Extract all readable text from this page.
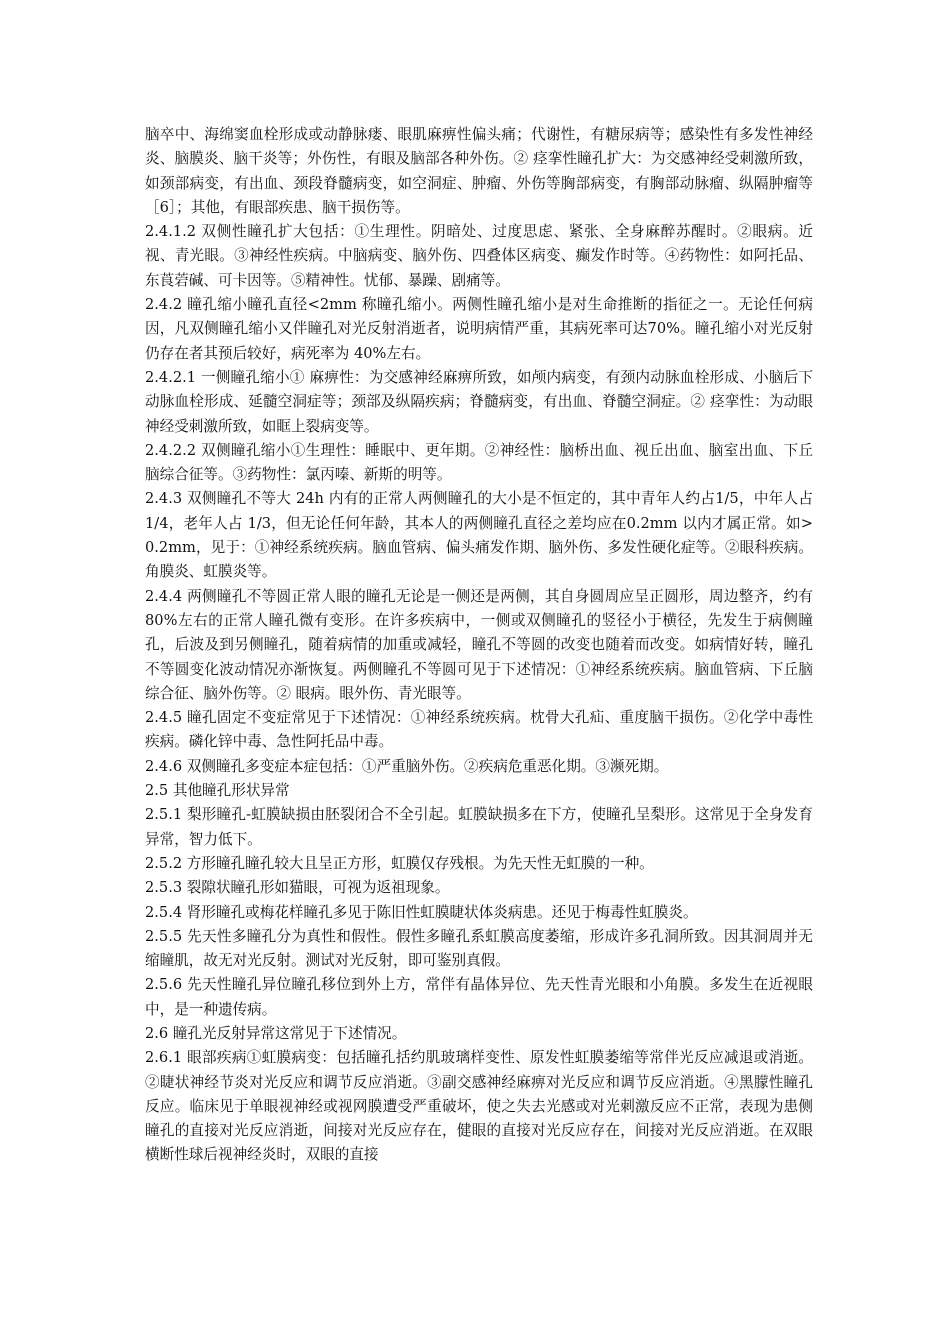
脑卒中、海绵窦血栓形成或动静脉瘘、眼肌麻痹性偏头痛；代谢性，有糖尿病等；感染性有多发性神经炎、脑膜炎、脑干炎等；外伤性，有眼及脑部各种外伤。② 痉挛性瞳孔扩大：为交感神经受刺激所致，如颈部病变，有出血、颈段脊髓病变，如空洞症、肿瘤、外伤等胸部病变，有胸部动脉瘤、纵隔肿瘤等［6］；其他，有眼部疾患、脑干损伤等。

2.4.1.2 双侧性瞳孔扩大包括：①生理性。阴暗处、过度思虑、紧张、全身麻醉苏醒时。②眼病。近视、青光眼。③神经性疾病。中脑病变、脑外伤、四叠体区病变、癫发作时等。④药物性：如阿托品、东莨菪碱、可卡因等。⑤精神性。忧郁、暴躁、剧痛等。

2.4.2 瞳孔缩小瞳孔直径<2mm 称瞳孔缩小。两侧性瞳孔缩小是对生命推断的指征之一。无论任何病因，凡双侧瞳孔缩小又伴瞳孔对光反射消逝者，说明病情严重，其病死率可达70%。瞳孔缩小对光反射仍存在者其预后较好，病死率为 40%左右。

2.4.2.1 一侧瞳孔缩小① 麻痹性：为交感神经麻痹所致，如颅内病变，有颈内动脉血栓形成、小脑后下动脉血栓形成、延髓空洞症等；颈部及纵隔疾病；脊髓病变，有出血、脊髓空洞症。② 痉挛性：为动眼神经受刺激所致，如眶上裂病变等。

2.4.2.2 双侧瞳孔缩小①生理性：睡眠中、更年期。②神经性：脑桥出血、视丘出血、脑室出血、下丘脑综合征等。③药物性：氯丙嗪、新斯的明等。

2.4.3 双侧瞳孔不等大 24h 内有的正常人两侧瞳孔的大小是不恒定的，其中青年人约占1/5，中年人占 1/4，老年人占 1/3，但无论任何年龄，其本人的两侧瞳孔直径之差均应在0.2mm 以内才属正常。如>0.2mm，见于：①神经系统疾病。脑血管病、偏头痛发作期、脑外伤、多发性硬化症等。②眼科疾病。角膜炎、虹膜炎等。

2.4.4 两侧瞳孔不等圆正常人眼的瞳孔无论是一侧还是两侧，其自身圆周应呈正圆形，周边整齐，约有 80%左右的正常人瞳孔微有变形。在许多疾病中，一侧或双侧瞳孔的竖径小于横径，先发生于病侧瞳孔，后波及到另侧瞳孔，随着病情的加重或减轻，瞳孔不等圆的改变也随着而改变。如病情好转，瞳孔不等圆变化波动情况亦渐恢复。两侧瞳孔不等圆可见于下述情况：①神经系统疾病。脑血管病、下丘脑综合征、脑外伤等。② 眼病。眼外伤、青光眼等。

2.4.5 瞳孔固定不变症常见于下述情况：①神经系统疾病。枕骨大孔疝、重度脑干损伤。②化学中毒性疾病。磷化锌中毒、急性阿托品中毒。

2.4.6 双侧瞳孔多变症本症包括：①严重脑外伤。②疾病危重恶化期。③濒死期。

2.5 其他瞳孔形状异常

2.5.1 梨形瞳孔-虹膜缺损由胚裂闭合不全引起。虹膜缺损多在下方，使瞳孔呈梨形。这常见于全身发育异常，智力低下。

2.5.2 方形瞳孔瞳孔较大且呈正方形，虹膜仅存残根。为先天性无虹膜的一种。

2.5.3 裂隙状瞳孔形如猫眼，可视为返祖现象。

2.5.4 肾形瞳孔或梅花样瞳孔多见于陈旧性虹膜睫状体炎病患。还见于梅毒性虹膜炎。

2.5.5 先天性多瞳孔分为真性和假性。假性多瞳孔系虹膜高度萎缩，形成许多孔洞所致。因其洞周并无缩瞳肌，故无对光反射。测试对光反射，即可鉴别真假。

2.5.6 先天性瞳孔异位瞳孔移位到外上方，常伴有晶体异位、先天性青光眼和小角膜。多发生在近视眼中，是一种遗传病。

2.6 瞳孔光反射异常这常见于下述情况。

2.6.1 眼部疾病①虹膜病变：包括瞳孔括约肌玻璃样变性、原发性虹膜萎缩等常伴光反应减退或消逝。②睫状神经节炎对光反应和调节反应消逝。③副交感神经麻痹对光反应和调节反应消逝。④黑朦性瞳孔反应。临床见于单眼视神经或视网膜遭受严重破坏，使之失去光感或对光刺激反应不正常，表现为患侧瞳孔的直接对光反应消逝，间接对光反应存在，健眼的直接对光反应存在，间接对光反应消逝。在双眼横断性球后视神经炎时，双眼的直接
